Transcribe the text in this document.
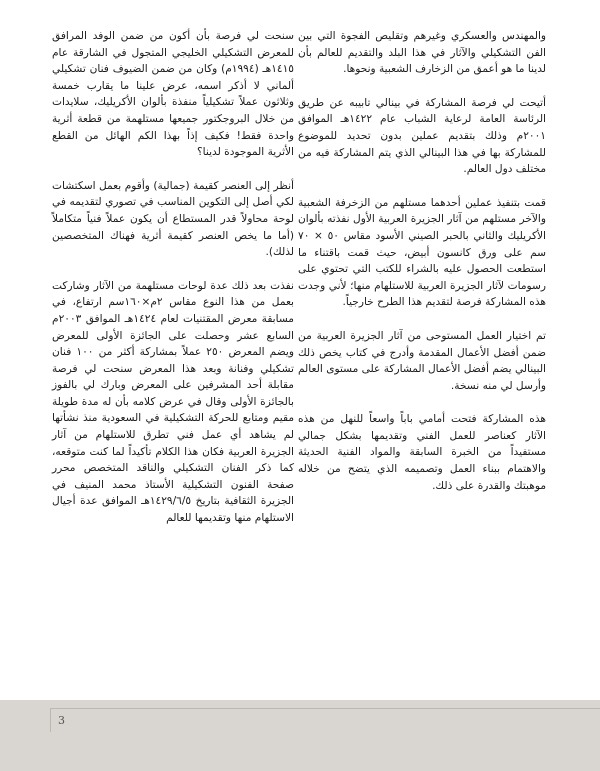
والمهندس والعسكري وغيرهم وتقليص الفجوة التي بين الفن التشكيلي والآثار في هذا البلد والتقديم للعالم بأن لدينا ما هو أعمق من الزخارف الشعبية ونحوها.

أتيحت لي فرصة المشاركة في بينالي تابيبه عن طريق الرئاسة العامة لرعاية الشباب عام ١٤٢٢هـ الموافق ٢٠٠١م وذلك بتقديم عملين بدون تحديد للموضوع للمشاركة بها في هذا البينالي الذي يتم المشاركة فيه من مختلف دول العالم.

قمت بتنفيذ عملين أحدهما مستلهم من الزخرفة الشعبية والآخر مستلهم من آثار الجزيرة العربية الأول نفذته بألوان الأكريليك والثاني بالحبر الصيني الأسود مقاس ٥٠ × ٧٠ سم على ورق كانسون أبيض، حيث قمت باقتناء ما استطعت الحصول عليه بالشراء للكتب التي تحتوي على رسومات لآثار الجزيرة العربية للاستلهام منها؛ لأني وجدت هذه المشاركة فرصة لتقديم هذا الطرح خارجياً.

تم اختيار العمل المستوحى من آثار الجزيرة العربية من ضمن أفضل الأعمال المقدمة وأدرج في كتاب يخص ذلك البينالي يضم أفضل الأعمال المشاركة على مستوى العالم وأرسل لي منه نسخة.

هذه المشاركة فتحت أمامي باباً واسعاً للنهل من هذه الآثار كعناصر للعمل الفني وتقديمها بشكل جمالي مستفيداً من الخبرة السابقة والمواد الفنية الحديثة والاهتمام ببناء العمل وتصميمه الذي يتضح من خلاله موهبتك والقدرة على ذلك.

سنحت لي فرصة بأن أكون من ضمن الوفد المرافق للمعرض التشكيلي الخليجي المتجول في الشارقة عام ١٤١٥هـ (١٩٩٤م) وكان من ضمن الضيوف فنان تشكيلي ألماني لا أذكر اسمه، عرض علينا ما يقارب خمسة وثلاثون عملاً تشكيلياً منفذة بألوان الأكريليك، سلايدات من خلال البروجكتور جميعها مستلهمة من قطعة أثرية واحدة فقط! فكيف إذاً بهذا الكم الهائل من القطع الأثرية الموجودة لدينا؟

أنظر إلى العنصر كقيمة (جمالية) وأقوم بعمل اسكتشات لكي أصل إلى التكوين المناسب في تصوري لتقديمه في لوحة محاولاً قدر المستطاع أن يكون عملاً فنياً متكاملاً (أما ما يخص العنصر كقيمة أثرية فهناك المتخصصين لذلك).

نفذت بعد ذلك عدة لوحات مستلهمة من الآثار وشاركت بعمل من هذا النوع مقاس ٢م×١٦٠سم ارتفاع، في مسابقة معرض المقتنيات لعام ١٤٢٤هـ الموافق ٢٠٠٣م السابع عشر وحصلت على الجائزة الأولى للمعرض ويضم المعرض ٢٥٠ عملاً بمشاركة أكثر من ١٠٠ فنان تشكيلي وفنانة وبعد هذا المعرض سنحت لي فرصة مقابلة أحد المشرفين على المعرض وبارك لي بالفوز بالجائزة الأولى وقال في عرض كلامه بأن له مدة طويلة مقيم ومتابع للحركة التشكيلية في السعودية منذ نشأتها لم يشاهد أي عمل فني تطرق للاستلهام من آثار الجزيرة العربية فكان هذا الكلام تأكيداً لما كنت متوقعه، كما ذكر الفنان التشكيلي والناقد المتخصص محرر صفحة الفنون التشكيلية الأستاذ محمد المنيف في الجزيرة الثقافية بتاريخ ١٤٢٩/٦/٥هـ الموافق عدة أجيال الاستلهام منها وتقديمها للعالم

3
